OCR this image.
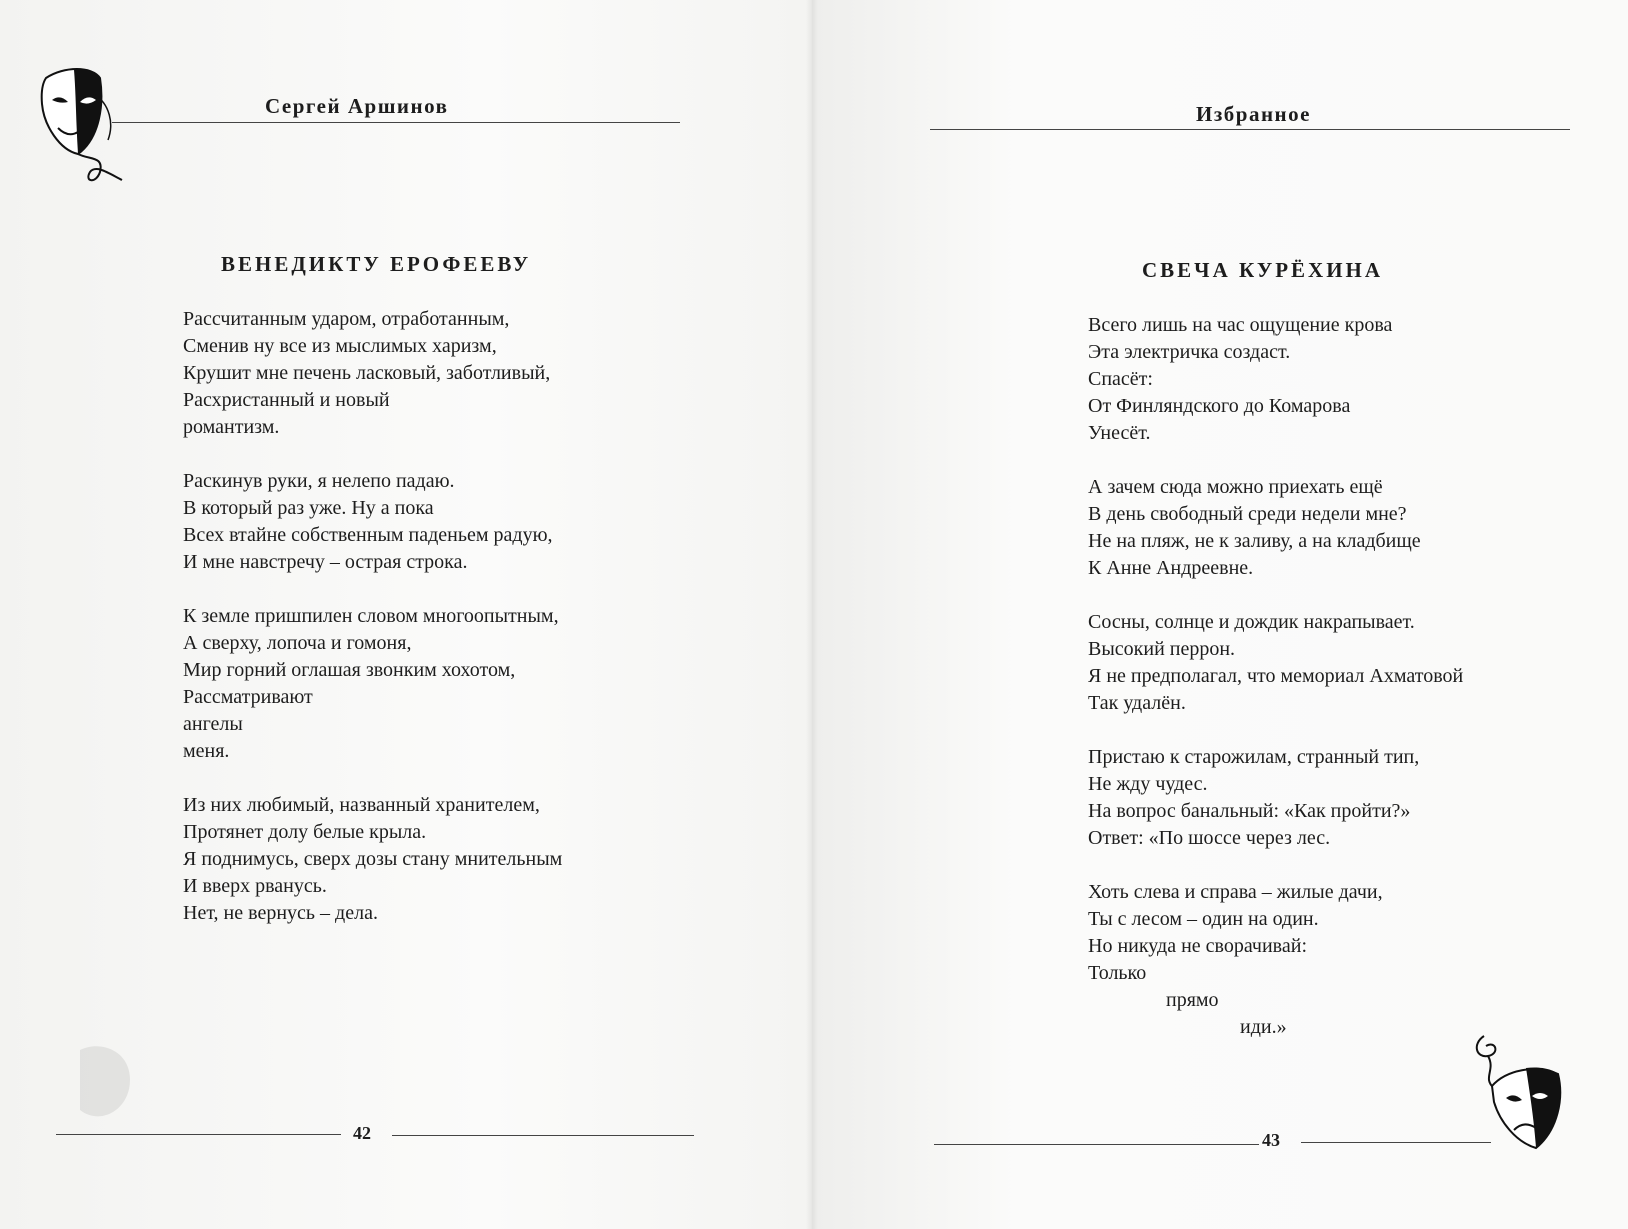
Сергей Аршинов
ВЕНЕДИКТУ ЕРОФЕЕВУ
Рассчитанным ударом, отработанным,
Сменив ну все из мыслимых харизм,
Крушит мне печень ласковый, заботливый,
Расхристанный и новый
романтизм.
Раскинув руки, я нелепо падаю.
В который раз уже. Ну а пока
Всех втайне собственным паденьем радую,
И мне навстречу – острая строка.
К земле пришпилен словом многоопытным,
А сверху, лопоча и гомоня,
Мир горний оглашая звонким хохотом,
Рассматривают
ангелы
меня.
Из них любимый, названный хранителем,
Протянет долу белые крыла.
Я поднимусь, сверх дозы стану мнительным
И вверх рвануcь.
Нет, не вернусь – дела.
42
Избранное
СВЕЧА КУРЁХИНА
Всего лишь на час ощущение крова
Эта электричка создаст.
Спасёт:
От Финляндского до Комарова
Унесёт.
А зачем сюда можно приехать ещё
В день свободный среди недели мне?
Не на пляж, не к заливу, а на кладбище
К Анне Андреевне.
Сосны, солнце и дождик накрапывает.
Высокий перрон.
Я не предполагал, что мемориал Ахматовой
Так удалён.
Пристаю к старожилам, странный тип,
Не жду чудес.
На вопрос банальный: «Как пройти?»
Ответ: «По шоссе через лес.
Хоть слева и справа – жилые дачи,
Ты с лесом – один на один.
Но никуда не сворачивай:
Только
прямо
иди.»
43
